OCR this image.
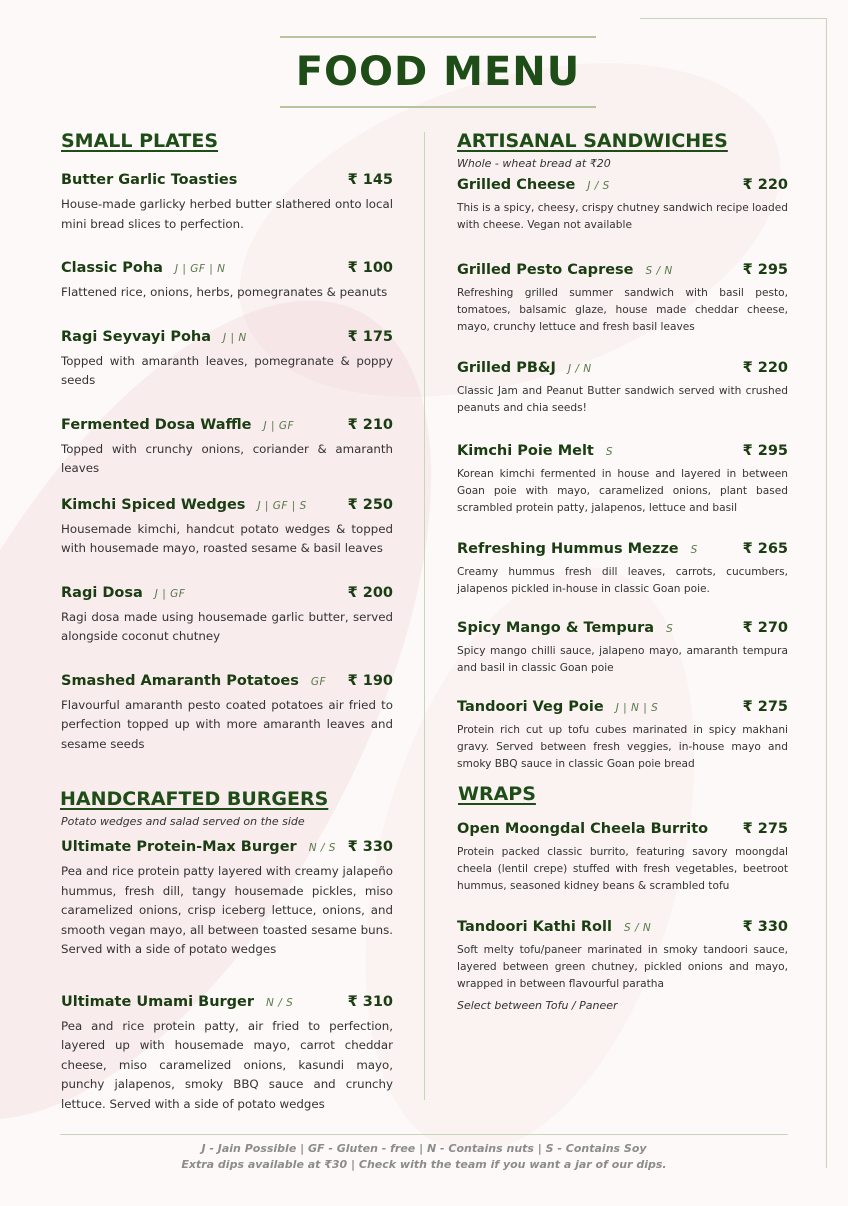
FOOD MENU
SMALL PLATES
Butter Garlic Toasties	₹ 145

House-made garlicky herbed butter slathered onto local mini bread slices to perfection.

Classic Poha J | GF | N	₹ 100

Flattened rice, onions, herbs, pomegranates & peanuts

Ragi Seyvayi Poha J | N	₹ 175

Topped with amaranth leaves, pomegranate & poppy seeds

Fermented Dosa Waffle J | GF	₹ 210

Topped with crunchy onions, coriander & amaranth leaves

Kimchi Spiced Wedges J | GF | S	₹ 250

Housemade kimchi, handcut potato wedges & topped with housemade mayo, roasted sesame & basil leaves

Ragi Dosa J | GF	₹ 200

Ragi dosa made using housemade garlic butter, served alongside coconut chutney

Smashed Amaranth Potatoes GF ₹ 190

Flavourful amaranth pesto coated potatoes air fried to perfection topped up with more amaranth leaves and sesame seeds

HANDCRAFTED BURGERS

Potato wedges and salad served on the side

Ultimate Protein-Max Burger N / S ₹ 330

Pea and rice protein patty layered with creamy jalapeño hummus, fresh dill, tangy housemade pickles, miso caramelized onions, crisp iceberg lettuce, onions, and smooth vegan mayo, all between toasted sesame buns. Served with a side of potato wedges

Ultimate Umami Burger N / S	₹ 310

Pea and rice protein patty, air fried to perfection, layered up with housemade mayo, carrot cheddar cheese, miso caramelized onions, kasundi mayo, punchy jalapenos, smoky BBQ sauce and crunchy lettuce. Served with a side of potato wedges

ARTISANAL SANDWICHES

Whole - wheat bread at ₹20

Grilled Cheese J / S	₹ 220

This is a spicy, cheesy, crispy chutney sandwich recipe loaded with cheese. Vegan not available

Grilled Pesto Caprese S / N	₹ 295

Refreshing grilled summer sandwich with basil pesto, tomatoes, balsamic glaze, house made cheddar cheese, mayo, crunchy lettuce and fresh basil leaves

Grilled PB&J J / N	₹ 220

Classic Jam and Peanut Butter sandwich served with crushed peanuts and chia seeds!

Kimchi Poie Melt S	₹ 295

Korean kimchi fermented in house and layered in between Goan poie with mayo, caramelized onions, plant based scrambled protein patty, jalapenos, lettuce and basil

Refreshing Hummus Mezze S	₹ 265

Creamy hummus fresh dill leaves, carrots, cucumbers, jalapenos pickled in-house in classic Goan poie.

Spicy Mango & Tempura S	₹ 270

Spicy mango chilli sauce, jalapeno mayo, amaranth tempura and basil in classic Goan poie

Tandoori Veg Poie J | N | S	₹ 275

Protein rich cut up tofu cubes marinated in spicy makhani gravy. Served between fresh veggies, in-house mayo and smoky BBQ sauce in classic Goan poie bread

WRAPS
Open Moongdal Cheela Burrito ₹ 275

Protein packed classic burrito, featuring savory moongdal cheela (lentil crepe) stuffed with fresh vegetables, beetroot hummus, seasoned kidney beans & scrambled tofu

Tandoori Kathi Roll S / N	₹ 330

Soft melty tofu/paneer marinated in smoky tandoori sauce, layered between green chutney, pickled onions and mayo, wrapped in between flavourful paratha

Select between Tofu / Paneer

J - Jain Possible | GF - Gluten - free | N - Contains nuts | S - Contains Soy

Extra dips available at ₹30 | Check with the team if you want a jar of our dips.
